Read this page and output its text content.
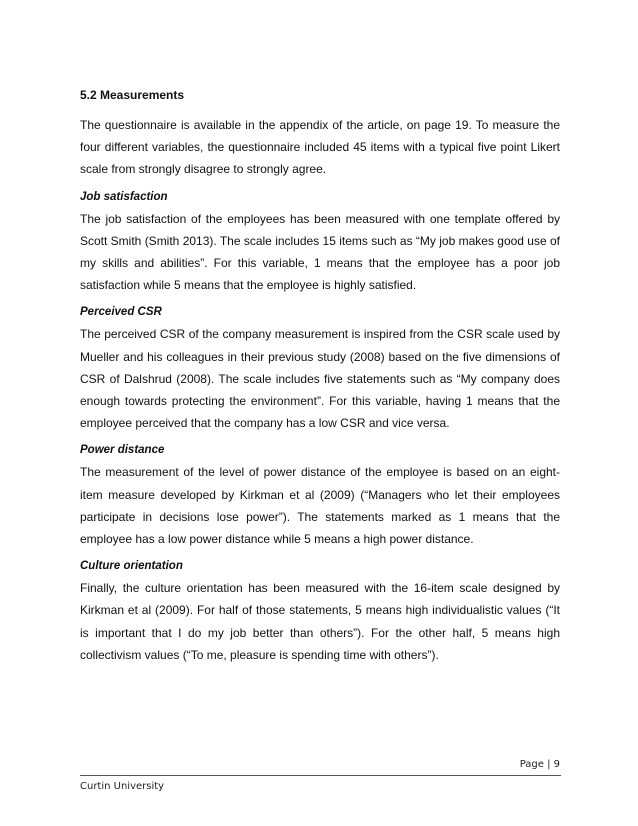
5.2 Measurements

The questionnaire is available in the appendix of the article, on page 19. To measure the four different variables, the questionnaire included 45 items with a typical five point Likert scale from strongly disagree to strongly agree.

Job satisfaction

The job satisfaction of the employees has been measured with one template offered by Scott Smith (Smith 2013). The scale includes 15 items such as “My job makes good use of my skills and abilities”. For this variable, 1 means that the employee has a poor job satisfaction while 5 means that the employee is highly satisfied.

Perceived CSR

The perceived CSR of the company measurement is inspired from the CSR scale used by Mueller and his colleagues in their previous study (2008) based on the five dimensions of CSR of Dalshrud (2008). The scale includes five statements such as “My company does enough towards protecting the environment”. For this variable, having 1 means that the employee perceived that the company has a low CSR and vice versa.

Power distance

The measurement of the level of power distance of the employee is based on an eight-item measure developed by Kirkman et al (2009) (“Managers who let their employees participate in decisions lose power”). The statements marked as 1 means that the employee has a low power distance while 5 means a high power distance.

Culture orientation

Finally, the culture orientation has been measured with the 16-item scale designed by Kirkman et al (2009). For half of those statements, 5 means high individualistic values (“It is important that I do my job better than others”). For the other half, 5 means high collectivism values (“To me, pleasure is spending time with others”).

Page | 9
Curtin University
